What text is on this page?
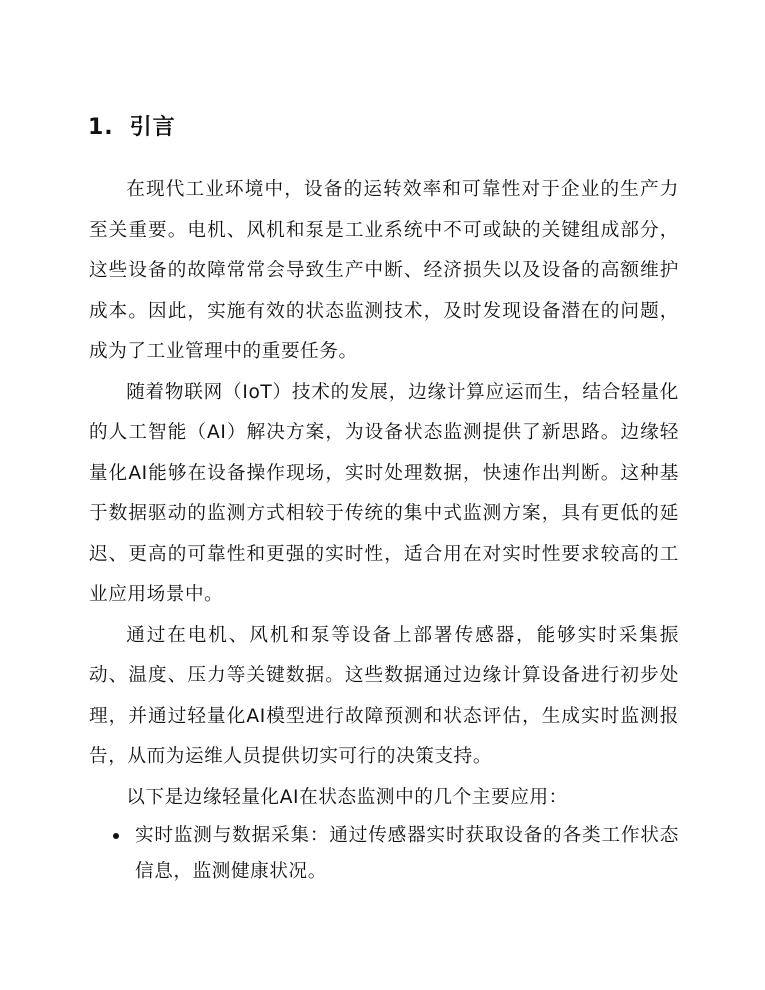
1. 引言

在现代工业环境中，设备的运转效率和可靠性对于企业的生产力至关重要。电机、风机和泵是工业系统中不可或缺的关键组成部分，这些设备的故障常常会导致生产中断、经济损失以及设备的高额维护成本。因此，实施有效的状态监测技术，及时发现设备潜在的问题，成为了工业管理中的重要任务。

随着物联网（IoT）技术的发展，边缘计算应运而生，结合轻量化的人工智能（AI）解决方案，为设备状态监测提供了新思路。边缘轻量化AI能够在设备操作现场，实时处理数据，快速作出判断。这种基于数据驱动的监测方式相较于传统的集中式监测方案，具有更低的延迟、更高的可靠性和更强的实时性，适合用在对实时性要求较高的工业应用场景中。

通过在电机、风机和泵等设备上部署传感器，能够实时采集振动、温度、压力等关键数据。这些数据通过边缘计算设备进行初步处理，并通过轻量化AI模型进行故障预测和状态评估，生成实时监测报告，从而为运维人员提供切实可行的决策支持。

以下是边缘轻量化AI在状态监测中的几个主要应用：

实时监测与数据采集：通过传感器实时获取设备的各类工作状态信息，监测健康状况。
